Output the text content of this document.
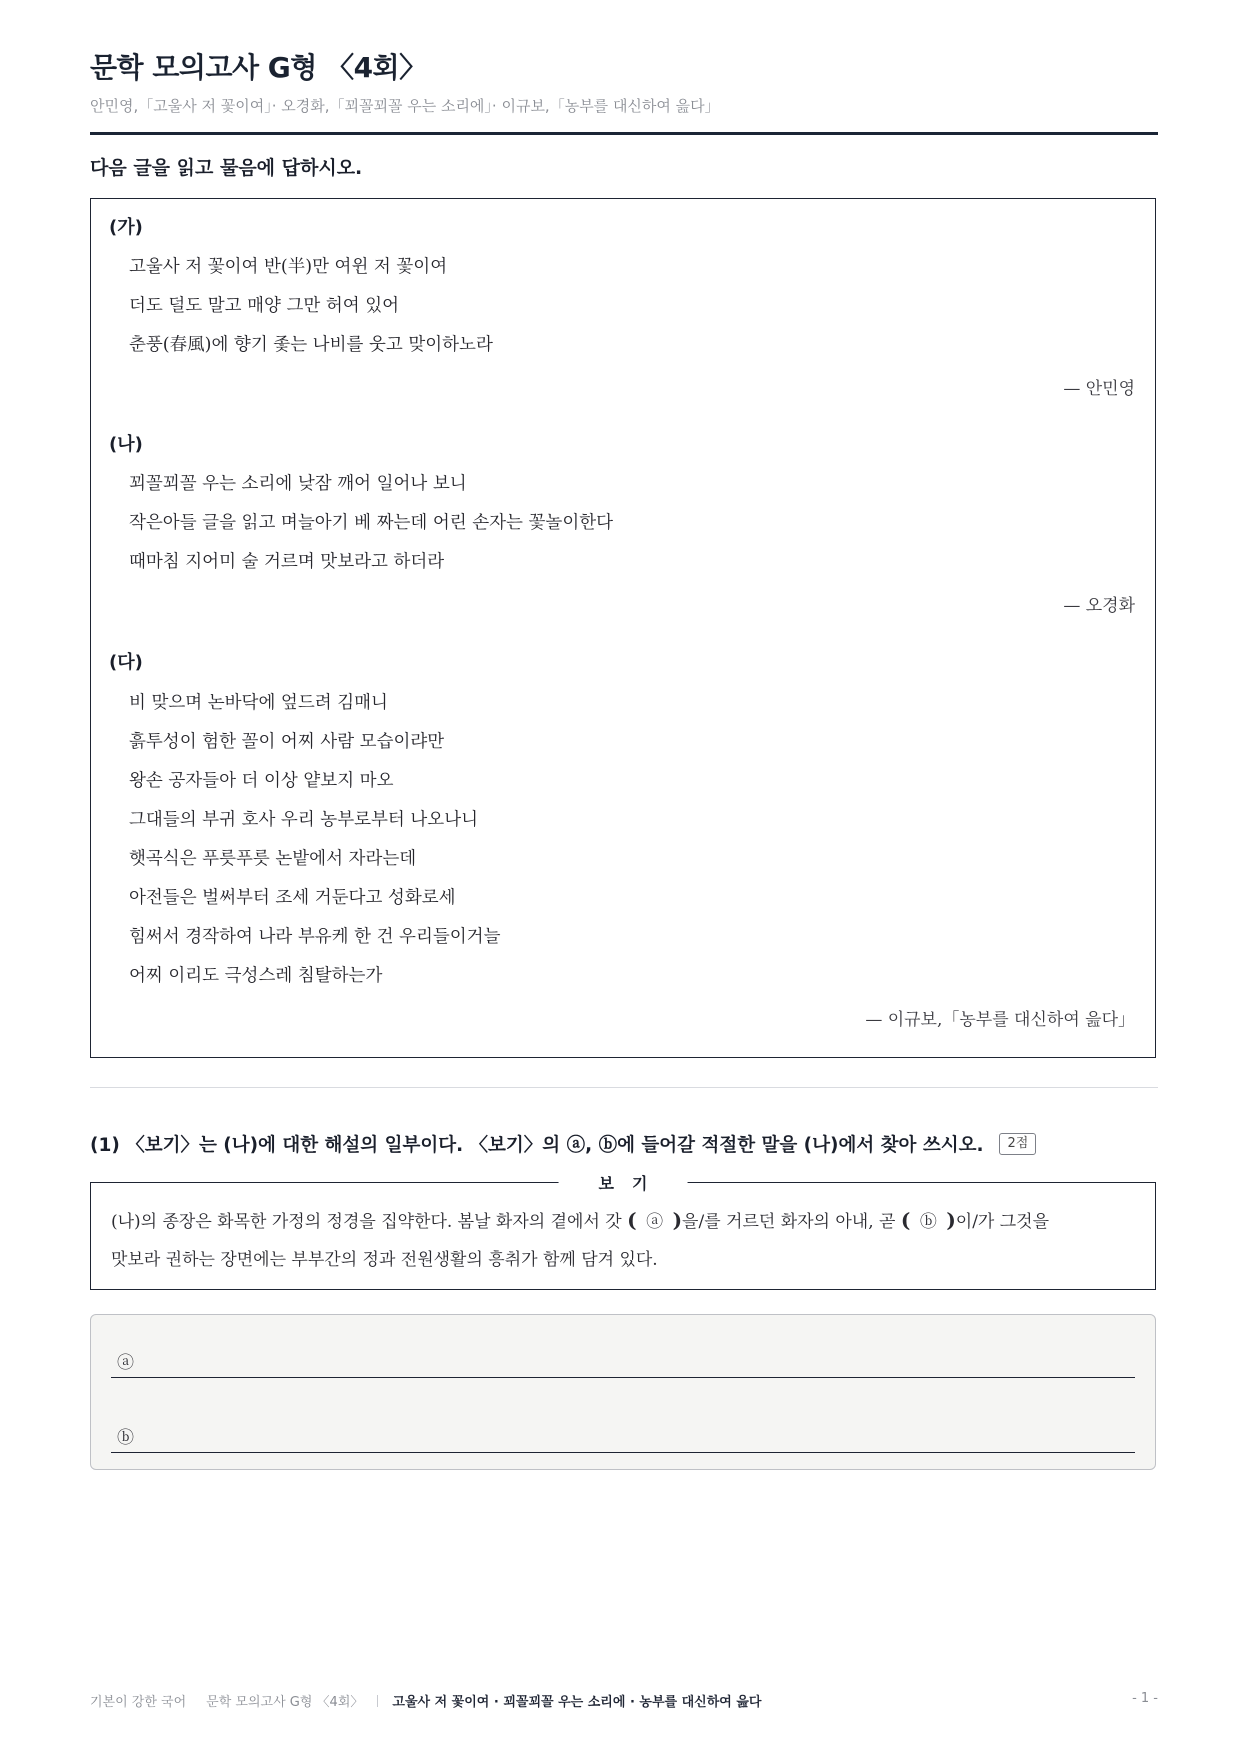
문학 모의고사 G형 〈4회〉
안민영,「고울사 저 꽃이여」· 오경화,「꾀꼴꾀꼴 우는 소리에」· 이규보,「농부를 대신하여 읊다」
다음 글을 읽고 물음에 답하시오.
(가)
고울사 저 꽃이여 반(半)만 여윈 저 꽃이여
더도 덜도 말고 매양 그만 허여 있어
춘풍(春風)에 향기 좇는 나비를 웃고 맞이하노라
— 안민영
(나)
꾀꼴꾀꼴 우는 소리에 낮잠 깨어 일어나 보니
작은아들 글을 읽고 며늘아기 베 짜는데 어린 손자는 꽃놀이한다
때마침 지어미 술 거르며 맛보라고 하더라
— 오경화
(다)
비 맞으며 논바닥에 엎드려 김매니
흙투성이 험한 꼴이 어찌 사람 모습이랴만
왕손 공자들아 더 이상 얕보지 마오
그대들의 부귀 호사 우리 농부로부터 나오나니
햇곡식은 푸릇푸릇 논밭에서 자라는데
아전들은 벌써부터 조세 거둔다고 성화로세
힘써서 경작하여 나라 부유케 한 건 우리들이거늘
어찌 이리도 극성스레 침탈하는가
— 이규보,「농부를 대신하여 읊다」
(1) 〈보기〉는 (나)에 대한 해설의 일부이다. 〈보기〉의 ⓐ, ⓑ에 들어갈 적절한 말을 (나)에서 찾아 쓰시오.	2점
보기
(나)의 종장은 화목한 가정의 정경을 집약한다. 봄날 화자의 곁에서 갓 ( ⓐ )을/를 거르던 화자의 아내, 곧 ( ⓑ )이/가 그것을
맛보라 권하는 장면에는 부부간의 정과 전원생활의 흥취가 함께 담겨 있다.
ⓐ
ⓑ
기본이 강한 국어 문학 모의고사 G형 〈4회〉 고울사 저 꽃이여 · 꾀꼴꾀꼴 우는 소리에 · 농부를 대신하여 읊다	- 1 -
